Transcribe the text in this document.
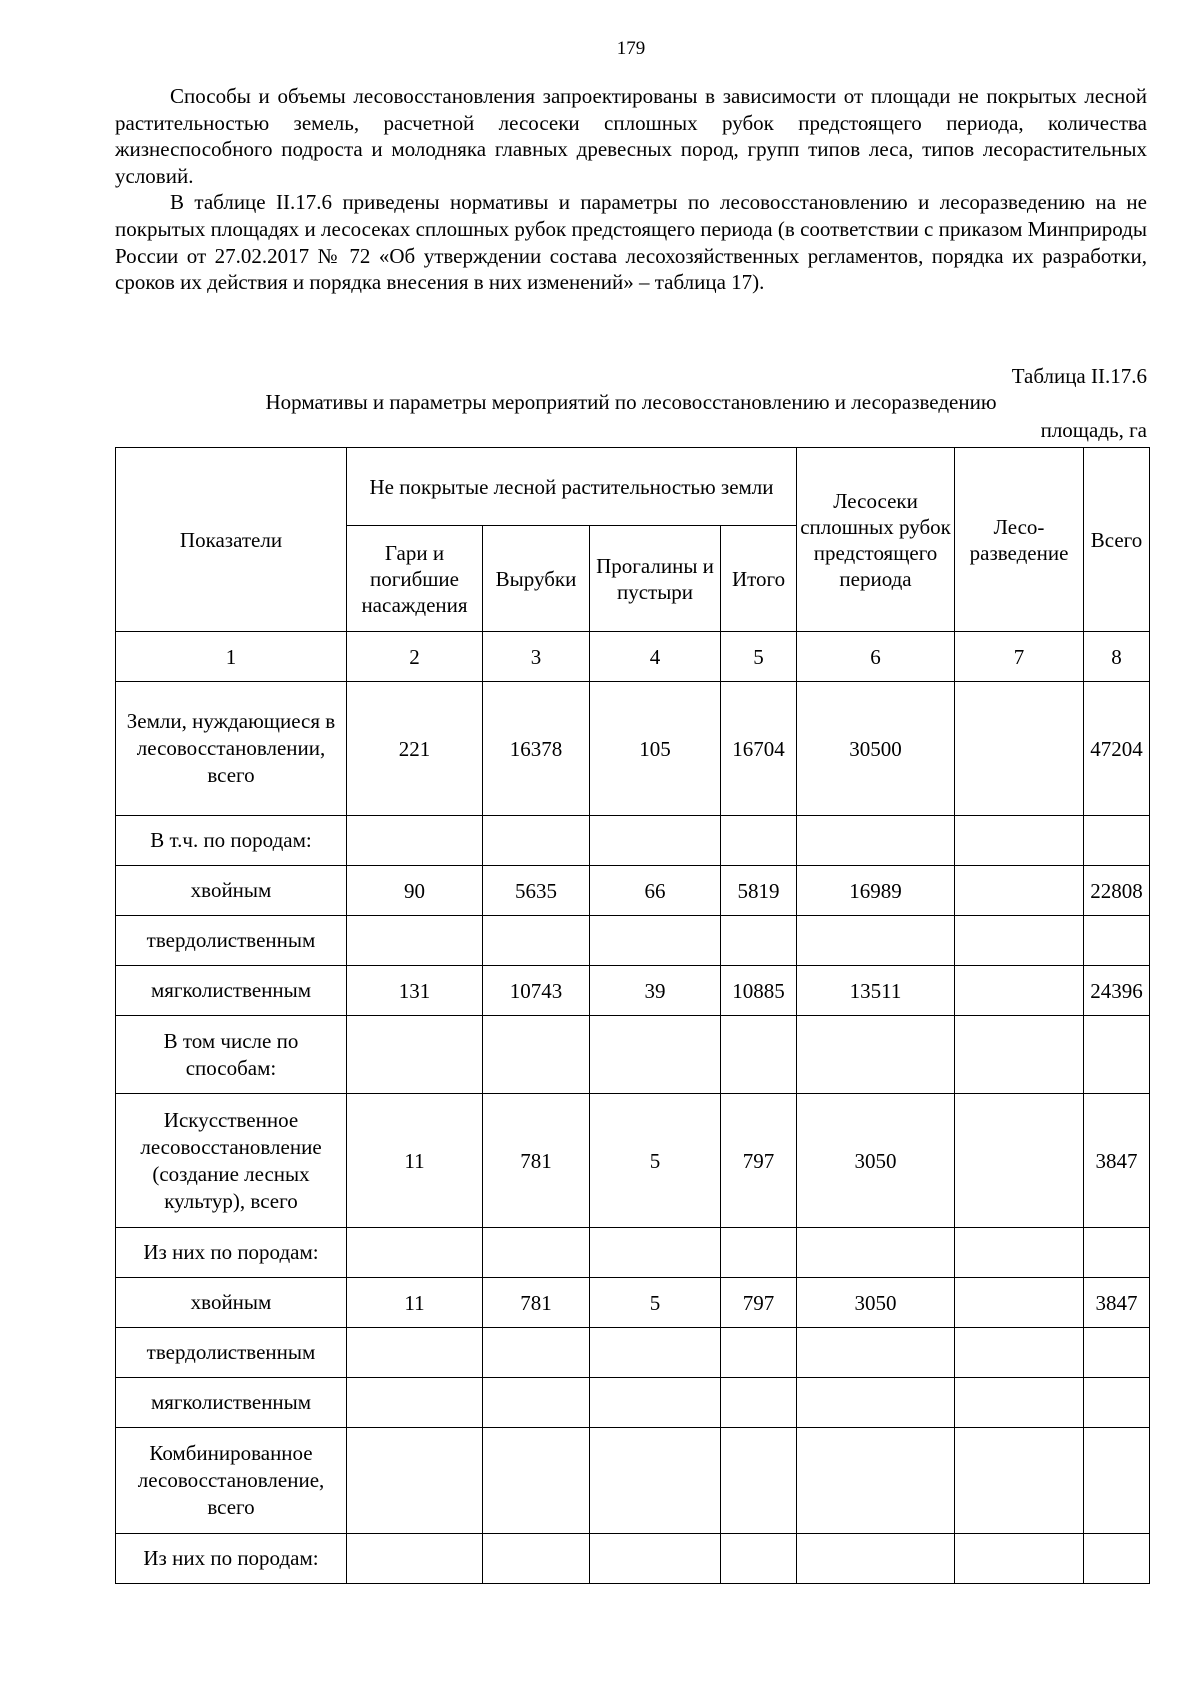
179

Способы и объемы лесовосстановления запроектированы в зависимости от площади не покрытых лесной растительностью земель, расчетной лесосеки сплошных рубок предстоящего периода, количества жизнеспособного подроста и молодняка главных древесных пород, групп типов леса, типов лесорастительных условий.

В таблице II.17.6 приведены нормативы и параметры по лесовосстановлению и лесоразведению на не покрытых площадях и лесосеках сплошных рубок предстоящего периода (в соответствии с приказом Минприроды России от 27.02.2017 № 72 «Об утверждении состава лесохозяйственных регламентов, порядка их разработки, сроков их действия и порядка внесения в них изменений» – таблица 17).

Таблица II.17.6
Нормативы и параметры мероприятий по лесовосстановлению и лесоразведению
площадь, га
Показатели	Не покрытые лесной растительностью земли				Лесосеки сплошных рубок предстоящего периода	Лесо-разведение	Всего
	Гари и погибшие насаждения	Вырубки	Прогалины и пустыри	Итого			
1	2	3	4	5	6	7	8
Земли, нуждающиеся в лесовосстановлении, всего	221	16378	105	16704	30500		47204
В т.ч. по породам:							
хвойным	90	5635	66	5819	16989		22808
твердолиственным							
мягколиственным	131	10743	39	10885	13511		24396
В том числе по способам:							
Искусственное лесовосстановление (создание лесных культур), всего	11	781	5	797	3050		3847
Из них по породам:							
хвойным	11	781	5	797	3050		3847
твердолиственным							
мягколиственным							
Комбинированное лесовосстановление, всего							
Из них по породам:							
